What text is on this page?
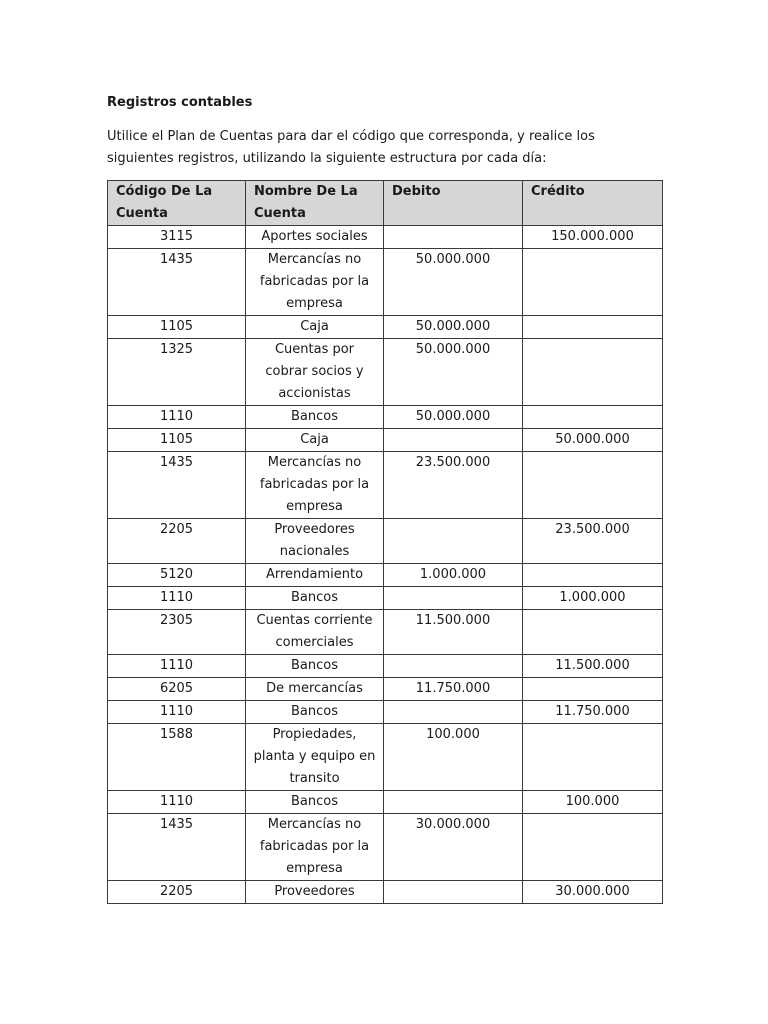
Registros contables

Utilice el Plan de Cuentas para dar el código que corresponda, y realice los siguientes registros, utilizando la siguiente estructura por cada día:

Código De La Cuenta	Nombre De La Cuenta	Debito	Crédito
3115	Aportes sociales		150.000.000
1435	Mercancías no fabricadas por la empresa	50.000.000	
1105	Caja	50.000.000	
1325	Cuentas por cobrar socios y accionistas	50.000.000	
1110	Bancos	50.000.000	
1105	Caja		50.000.000
1435	Mercancías no fabricadas por la empresa	23.500.000	
2205	Proveedores nacionales		23.500.000
5120	Arrendamiento	1.000.000	
1110	Bancos		1.000.000
2305	Cuentas corriente comerciales	11.500.000	
1110	Bancos		11.500.000
6205	De mercancías	11.750.000	
1110	Bancos		11.750.000
1588	Propiedades, planta y equipo en transito	100.000	
1110	Bancos		100.000
1435	Mercancías no fabricadas por la empresa	30.000.000	
2205	Proveedores		30.000.000
